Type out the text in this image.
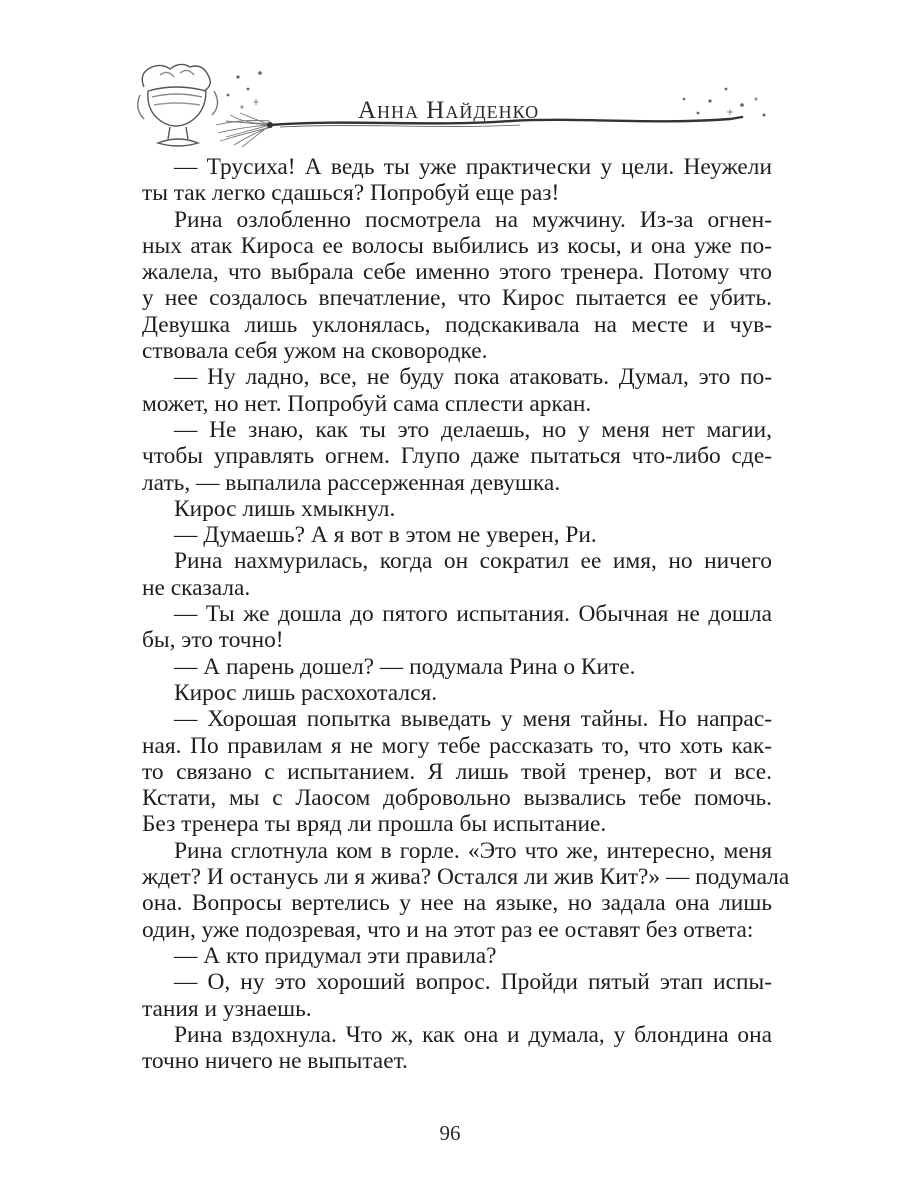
Анна Найденко
— Трусиха! А ведь ты уже практически у цели. Неужели
ты так легко сдашься? Попробуй еще раз!
Рина озлобленно посмотрела на мужчину. Из-за огнен-
ных атак Кироса ее волосы выбились из косы, и она уже по-
жалела, что выбрала себе именно этого тренера. Потому что
у нее создалось впечатление, что Кирос пытается ее убить.
Девушка лишь уклонялась, подскакивала на месте и чув-
ствовала себя ужом на сковородке.
— Ну ладно, все, не буду пока атаковать. Думал, это по-
может, но нет. Попробуй сама сплести аркан.
— Не знаю, как ты это делаешь, но у меня нет магии,
чтобы управлять огнем. Глупо даже пытаться что-либо сде-
лать, — выпалила рассерженная девушка.
Кирос лишь хмыкнул.
— Думаешь? А я вот в этом не уверен, Ри.
Рина нахмурилась, когда он сократил ее имя, но ничего
не сказала.
— Ты же дошла до пятого испытания. Обычная не дошла
бы, это точно!
— А парень дошел? — подумала Рина о Ките.
Кирос лишь расхохотался.
— Хорошая попытка выведать у меня тайны. Но напрас-
ная. По правилам я не могу тебе рассказать то, что хоть как-
то связано с испытанием. Я лишь твой тренер, вот и все.
Кстати, мы с Лаосом добровольно вызвались тебе помочь.
Без тренера ты вряд ли прошла бы испытание.
Рина сглотнула ком в горле. «Это что же, интересно, меня
ждет? И останусь ли я жива? Остался ли жив Кит?» — подумала
она. Вопросы вертелись у нее на языке, но задала она лишь
один, уже подозревая, что и на этот раз ее оставят без ответа:
— А кто придумал эти правила?
— О, ну это хороший вопрос. Пройди пятый этап испы-
тания и узнаешь.
Рина вздохнула. Что ж, как она и думала, у блондина она
точно ничего не выпытает.
96
